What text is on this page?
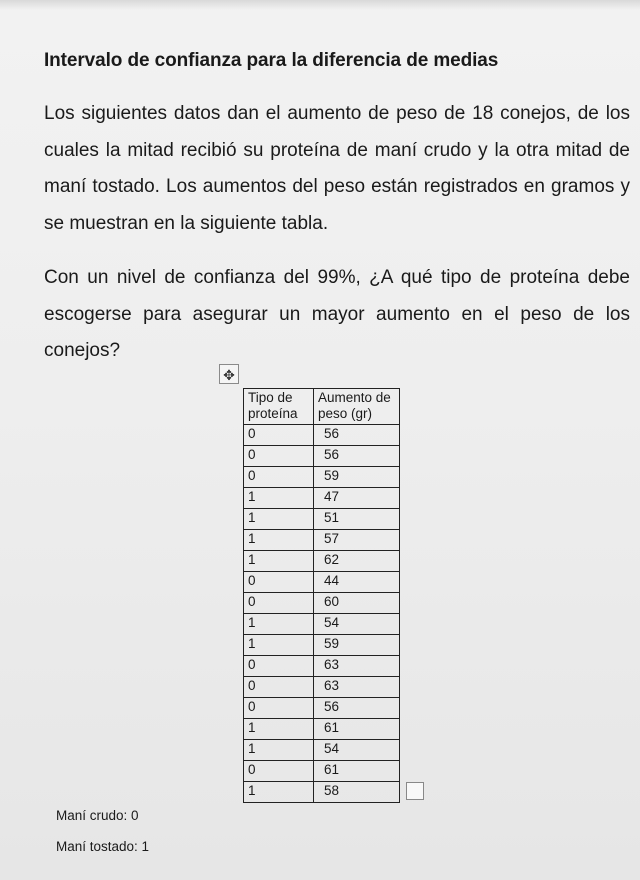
Intervalo de confianza para la diferencia de medias

Los siguientes datos dan el aumento de peso de 18 conejos, de los cuales la mitad recibió su proteína de maní crudo y la otra mitad de maní tostado. Los aumentos del peso están registrados en gramos y se muestran en la siguiente tabla.

Con un nivel de confianza del 99%, ¿A qué tipo de proteína debe escogerse para asegurar un mayor aumento en el peso de los conejos?

✥
Tipo de proteína	Aumento de peso (gr)
0	56
0	56
0	59
1	47
1	51
1	57
1	62
0	44
0	60
1	54
1	59
0	63
0	63
0	56
1	61
1	54
0	61
1	58
Maní crudo: 0
Maní tostado: 1
